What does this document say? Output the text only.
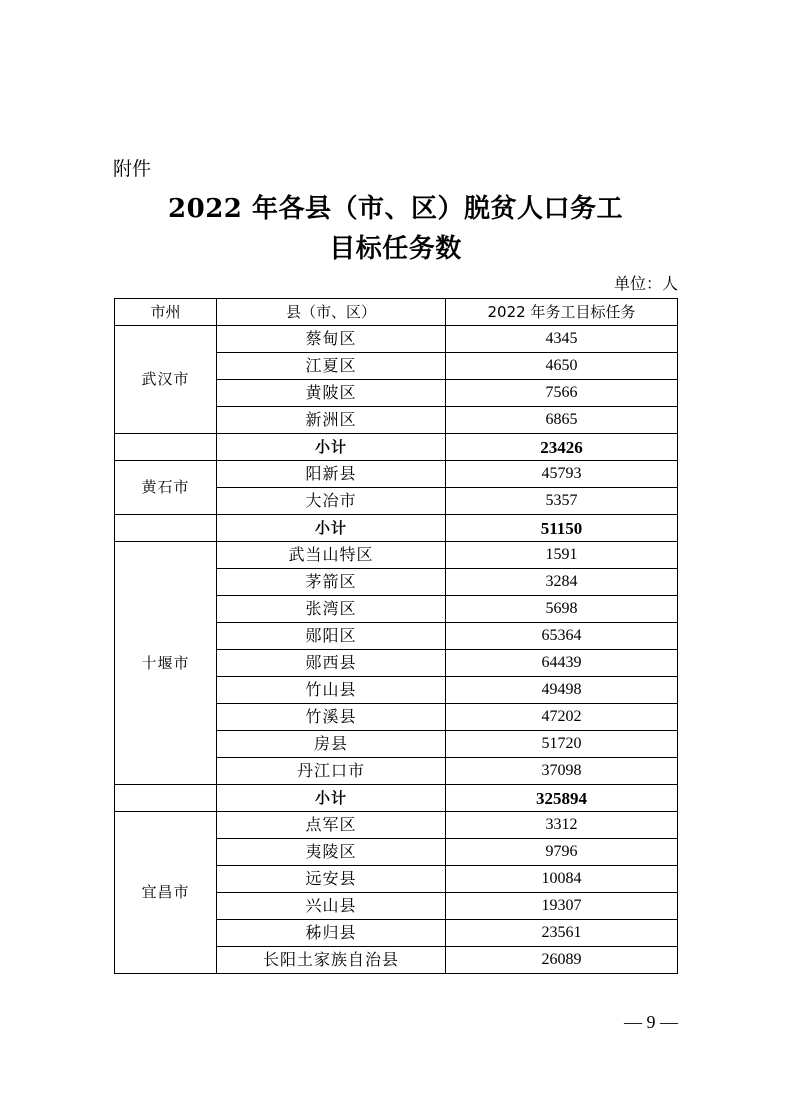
附件
2022 年各县（市、区）脱贫人口务工
目标任务数
单位：人
市州	县（市、区）	2022 年务工目标任务
武汉市	蔡甸区	4345
	江夏区	4650
	黄陂区	7566
	新洲区	6865
	小计	23426
黄石市	阳新县	45793
	大冶市	5357
	小计	51150
十堰市	武当山特区	1591
	茅箭区	3284
	张湾区	5698
	郧阳区	65364
	郧西县	64439
	竹山县	49498
	竹溪县	47202
	房县	51720
	丹江口市	37098
	小计	325894
宜昌市	点军区	3312
	夷陵区	9796
	远安县	10084
	兴山县	19307
	秭归县	23561
	长阳土家族自治县	26089
— 9 —
